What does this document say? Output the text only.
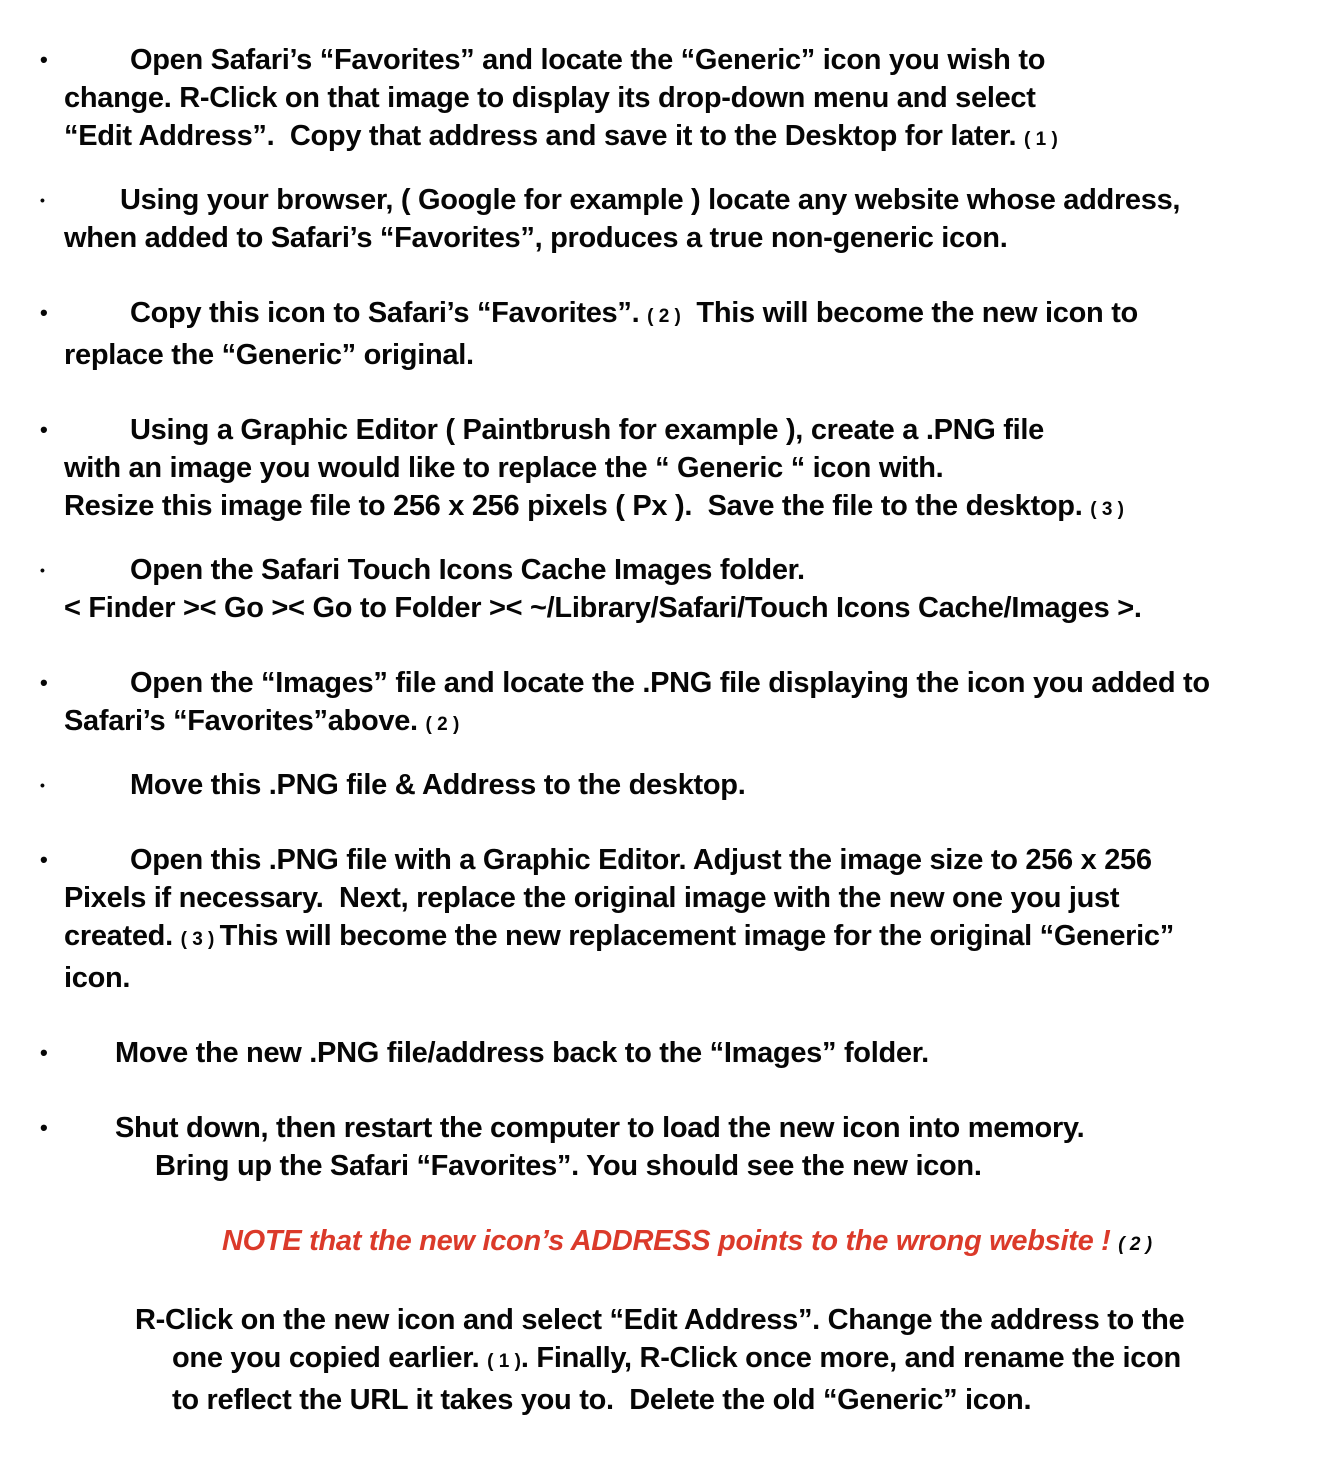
•	Open Safari’s “Favorites” and locate the “Generic” icon you wish to
change. R-Click on that image to display its drop-down menu and select
“Edit Address”.  Copy that address and save it to the Desktop for later. ( 1 )
•	Using your browser, ( Google for example ) locate any website whose address,
when added to Safari’s “Favorites”, produces a true non-generic icon.
•	Copy this icon to Safari’s “Favorites”. ( 2 )  This will become the new icon to
replace the “Generic” original.
•	Using a Graphic Editor ( Paintbrush for example ), create a .PNG file
with an image you would like to replace the “ Generic “ icon with.
Resize this image file to 256 x 256 pixels ( Px ).  Save the file to the desktop. ( 3 )
•	Open the Safari Touch Icons Cache Images folder.
< Finder >< Go >< Go to Folder >< ~/Library/Safari/Touch Icons Cache/Images >.
•	Open the “Images” file and locate the .PNG file displaying the icon you added to
Safari’s “Favorites”above. ( 2 )
•	Move this .PNG file & Address to the desktop.
•	Open this .PNG file with a Graphic Editor. Adjust the image size to 256 x 256
Pixels if necessary.  Next, replace the original image with the new one you just
created. ( 3 ) This will become the new replacement image for the original “Generic”
icon.
•	Move the new .PNG file/address back to the “Images” folder.
•	Shut down, then restart the computer to load the new icon into memory.
Bring up the Safari “Favorites”. You should see the new icon.
NOTE that the new icon’s ADDRESS points to the wrong website ! ( 2 )
R-Click on the new icon and select “Edit Address”. Change the address to the
one you copied earlier. ( 1 ). Finally, R-Click once more, and rename the icon
to reflect the URL it takes you to.  Delete the old “Generic” icon.
